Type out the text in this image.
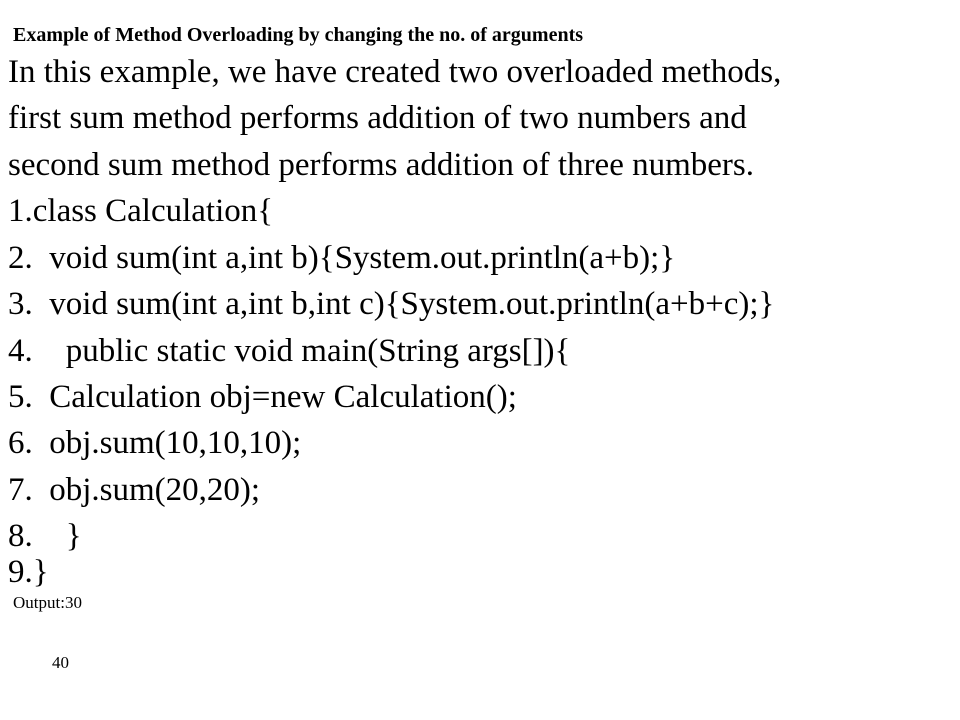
Example of Method Overloading by changing the no. of arguments
In this example, we have created two overloaded methods,
first sum method performs addition of two numbers and
second sum method performs addition of three numbers.
1.class Calculation{
2.  void sum(int a,int b){System.out.println(a+b);}
3.  void sum(int a,int b,int c){System.out.println(a+b+c);}
4.    public static void main(String args[]){
5.  Calculation obj=new Calculation();
6.  obj.sum(10,10,10);
7.  obj.sum(20,20);
8.    }
9.}
Output:30
40
